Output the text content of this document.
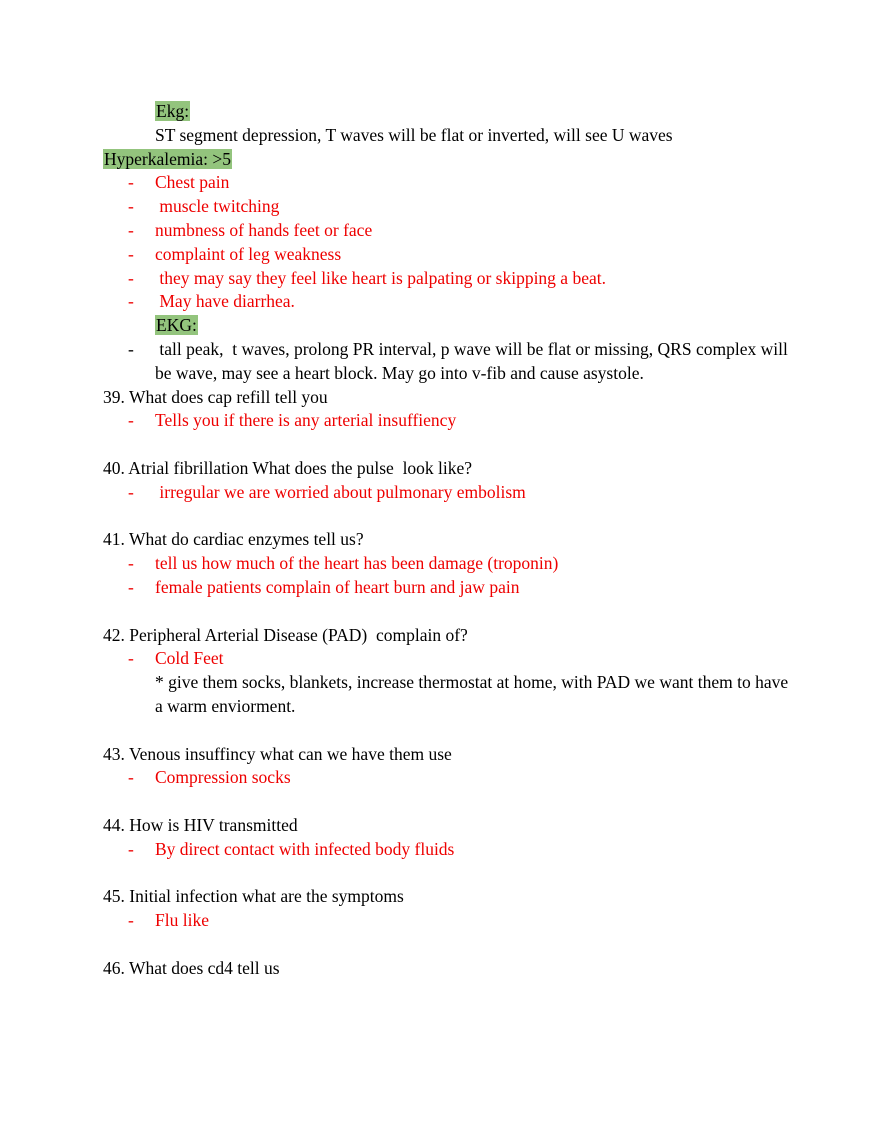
Ekg:
ST segment depression, T waves will be flat or inverted, will see U waves
Hyperkalemia: >5
- Chest pain
- muscle twitching
- numbness of hands feet or face
- complaint of leg weakness
- they may say they feel like heart is palpating or skipping a beat.
- May have diarrhea.
EKG:
- tall peak,  t waves, prolong PR interval, p wave will be flat or missing, QRS complex will be wave, may see a heart block. May go into v-fib and cause asystole.
39. What does cap refill tell you
- Tells you if there is any arterial insuffiency
40. Atrial fibrillation What does the pulse  look like?
- irregular we are worried about pulmonary embolism
41. What do cardiac enzymes tell us?
- tell us how much of the heart has been damage (troponin)
- female patients complain of heart burn and jaw pain
42. Peripheral Arterial Disease (PAD)  complain of?
- Cold Feet
* give them socks, blankets, increase thermostat at home, with PAD we want them to have a warm enviorment.
43. Venous insuffincy what can we have them use
- Compression socks
44. How is HIV transmitted
- By direct contact with infected body fluids
45. Initial infection what are the symptoms
- Flu like
46. What does cd4 tell us
